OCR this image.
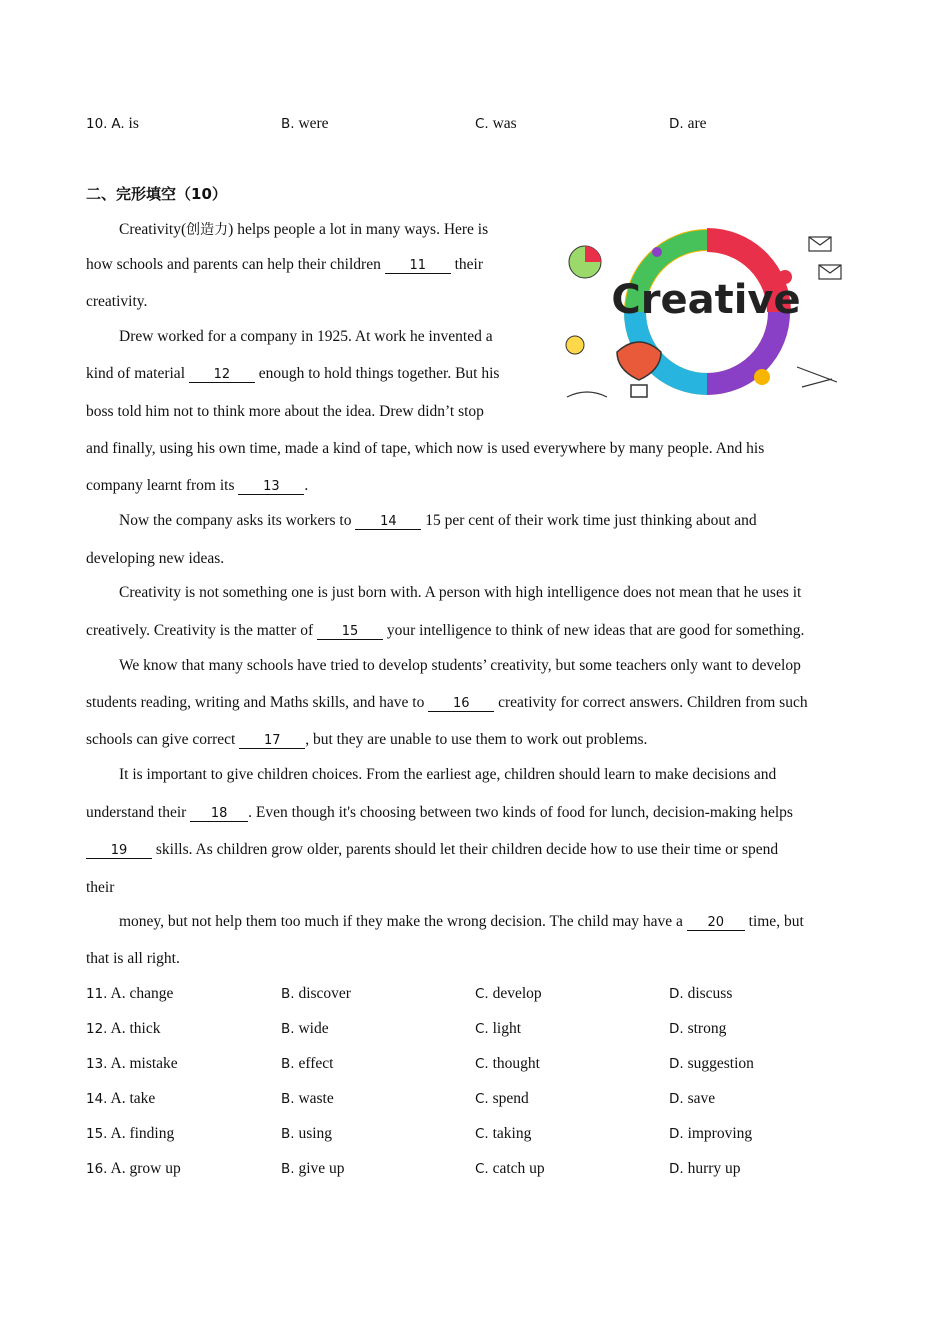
10. A. is	B. were	C. was	D. are
二、完形填空（10）
Creative
Creativity(创造力) helps people a lot in many ways. Here is
how schools and parents can help their children 11 their
creativity.
Drew worked for a company in 1925. At work he invented a
kind of material 12 enough to hold things together. But his
boss told him not to think more about the idea. Drew didn’t stop
and finally, using his own time, made a kind of tape, which now is used everywhere by many people. And his
company learnt from its 13 .
Now the company asks its workers to 14 15 per cent of their work time just thinking about and
developing new ideas.
Creativity is not something one is just born with. A person with high intelligence does not mean that he uses it
creatively. Creativity is the matter of 15 your intelligence to think of new ideas that are good for something.
We know that many schools have tried to develop students’ creativity, but some teachers only want to develop
students reading, writing and Maths skills, and have to 16 creativity for correct answers. Children from such
schools can give correct 17 , but they are unable to use them to work out problems.
It is important to give children choices. From the earliest age, children should learn to make decisions and
understand their 18 . Even though it's choosing between two kinds of food for lunch, decision-making helps
19 skills. As children grow older, parents should let their children decide how to use their time or spend
their
money, but not help them too much if they make the wrong decision. The child may have a 20 time, but
that is all right.
11. A. change	B. discover	C. develop	D. discuss
12. A. thick	B. wide	C. light	D. strong
13. A. mistake	B. effect	C. thought	D. suggestion
14. A. take	B. waste	C. spend	D. save
15. A. finding	B. using	C. taking	D. improving
16. A. grow up	B. give up	C. catch up	D. hurry up
